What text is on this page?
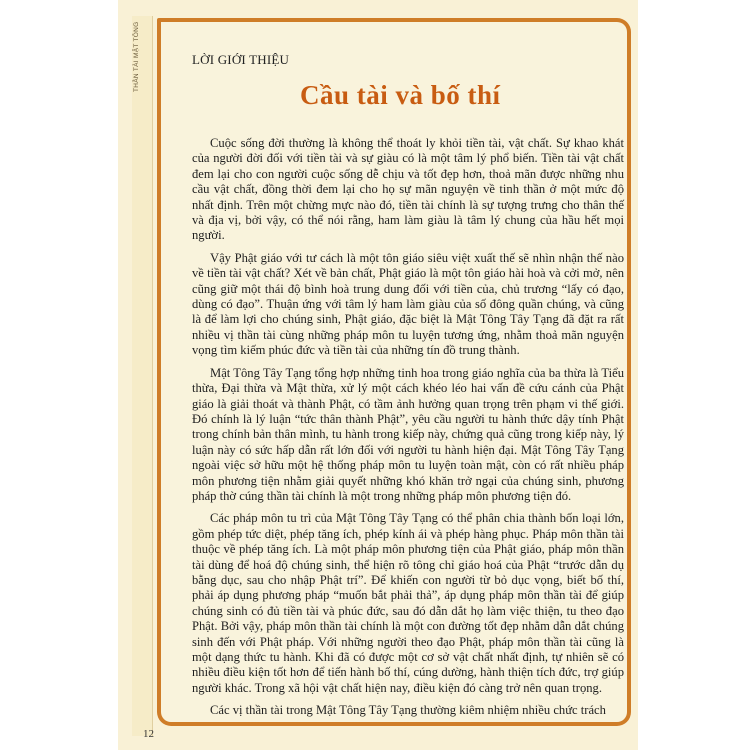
THẦN TÀI MẬT TÔNG	LỜI GIỚI THIỆU
Cầu tài và bố thí

Cuộc sống đời thường là không thể thoát ly khỏi tiền tài, vật chất. Sự khao khát của người đời đối với tiền tài và sự giàu có là một tâm lý phổ biến. Tiền tài vật chất đem lại cho con người cuộc sống dễ chịu và tốt đẹp hơn, thoả mãn được những nhu cầu vật chất, đồng thời đem lại cho họ sự mãn nguyện về tinh thần ở một mức độ nhất định. Trên một chừng mực nào đó, tiền tài chính là sự tượng trưng cho thân thế và địa vị, bởi vậy, có thể nói rằng, ham làm giàu là tâm lý chung của hầu hết mọi người.

Vậy Phật giáo với tư cách là một tôn giáo siêu việt xuất thế sẽ nhìn nhận thế nào về tiền tài vật chất? Xét về bản chất, Phật giáo là một tôn giáo hài hoà và cởi mở, nên cũng giữ một thái độ bình hoà trung dung đối với tiền của, chủ trương “lấy có đạo, dùng có đạo”. Thuận ứng với tâm lý ham làm giàu của số đông quần chúng, và cũng là để làm lợi cho chúng sinh, Phật giáo, đặc biệt là Mật Tông Tây Tạng đã đặt ra rất nhiều vị thần tài cùng những pháp môn tu luyện tương ứng, nhằm thoả mãn nguyện vọng tìm kiếm phúc đức và tiền tài của những tín đồ trung thành.

Mật Tông Tây Tạng tổng hợp những tinh hoa trong giáo nghĩa của ba thừa là Tiểu thừa, Đại thừa và Mật thừa, xử lý một cách khéo léo hai vấn đề cứu cánh của Phật giáo là giải thoát và thành Phật, có tầm ảnh hưởng quan trọng trên phạm vi thế giới. Đó chính là lý luận “tức thân thành Phật”, yêu cầu người tu hành thức dậy tính Phật trong chính bản thân mình, tu hành trong kiếp này, chứng quả cũng trong kiếp này, lý luận này có sức hấp dẫn rất lớn đối với người tu hành hiện đại. Mật Tông Tây Tạng ngoài việc sở hữu một hệ thống pháp môn tu luyện toàn mật, còn có rất nhiều pháp môn phương tiện nhằm giải quyết những khó khăn trở ngại của chúng sinh, phương pháp thờ cúng thần tài chính là một trong những pháp môn phương tiện đó.

Các pháp môn tu trì của Mật Tông Tây Tạng có thể phân chia thành bốn loại lớn, gồm phép tức diệt, phép tăng ích, phép kính ái và phép hàng phục. Pháp môn thần tài thuộc về phép tăng ích. Là một pháp môn phương tiện của Phật giáo, pháp môn thần tài dùng để hoá độ chúng sinh, thể hiện rõ tông chỉ giáo hoá của Phật “trước dẫn dụ bằng dục, sau cho nhập Phật trí”. Để khiến con người từ bỏ dục vọng, biết bố thí, phải áp dụng phương pháp “muốn bắt phải thả”, áp dụng pháp môn thần tài để giúp chúng sinh có đủ tiền tài và phúc đức, sau đó dẫn dắt họ làm việc thiện, tu theo đạo Phật. Bởi vậy, pháp môn thần tài chính là một con đường tốt đẹp nhằm dẫn dắt chúng sinh đến với Phật pháp. Với những người theo đạo Phật, pháp môn thần tài cũng là một dạng thức tu hành. Khi đã có được một cơ sở vật chất nhất định, tự nhiên sẽ có nhiều điều kiện tốt hơn để tiến hành bố thí, cúng dường, hành thiện tích đức, trợ giúp người khác. Trong xã hội vật chất hiện nay, điều kiện đó càng trở nên quan trọng.

Các vị thần tài trong Mật Tông Tây Tạng thường kiêm nhiệm nhiều chức trách

12
